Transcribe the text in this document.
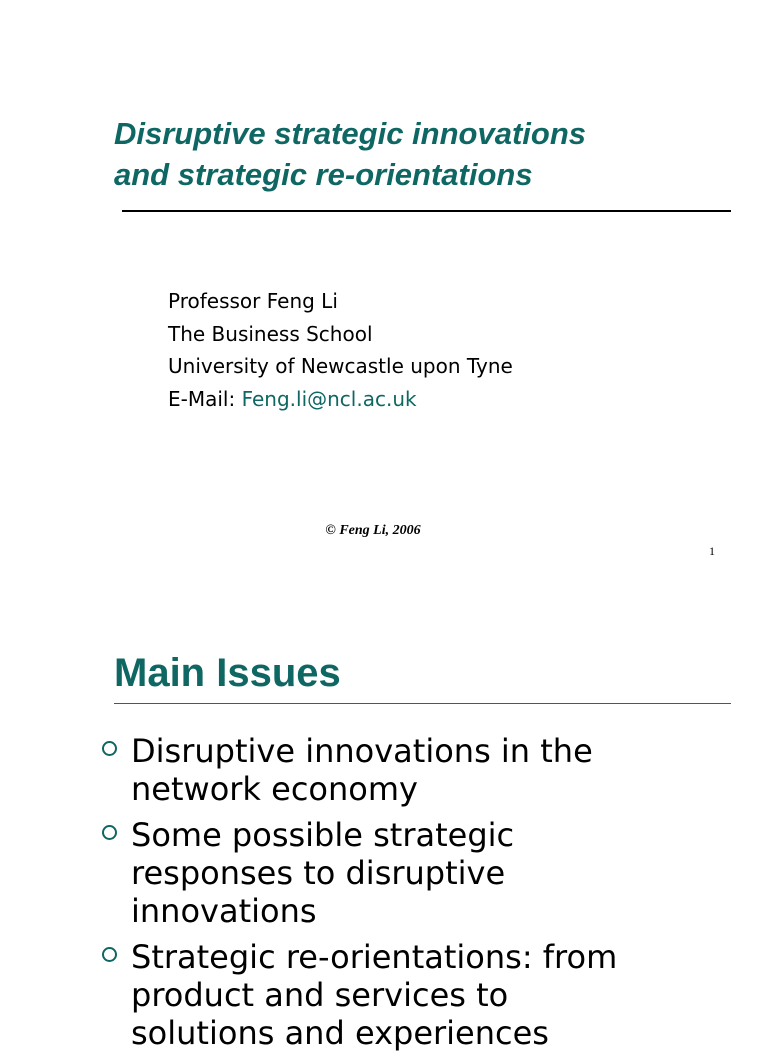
Disruptive strategic innovations
and strategic re-orientations
Professor Feng Li
The Business School
University of Newcastle upon Tyne
E-Mail: Feng.li@ncl.ac.uk
© Feng Li, 2006
1
Main Issues
Disruptive innovations in the
network economy
Some possible strategic
responses to disruptive
innovations
Strategic re-orientations: from
product and services to
solutions and experiences
